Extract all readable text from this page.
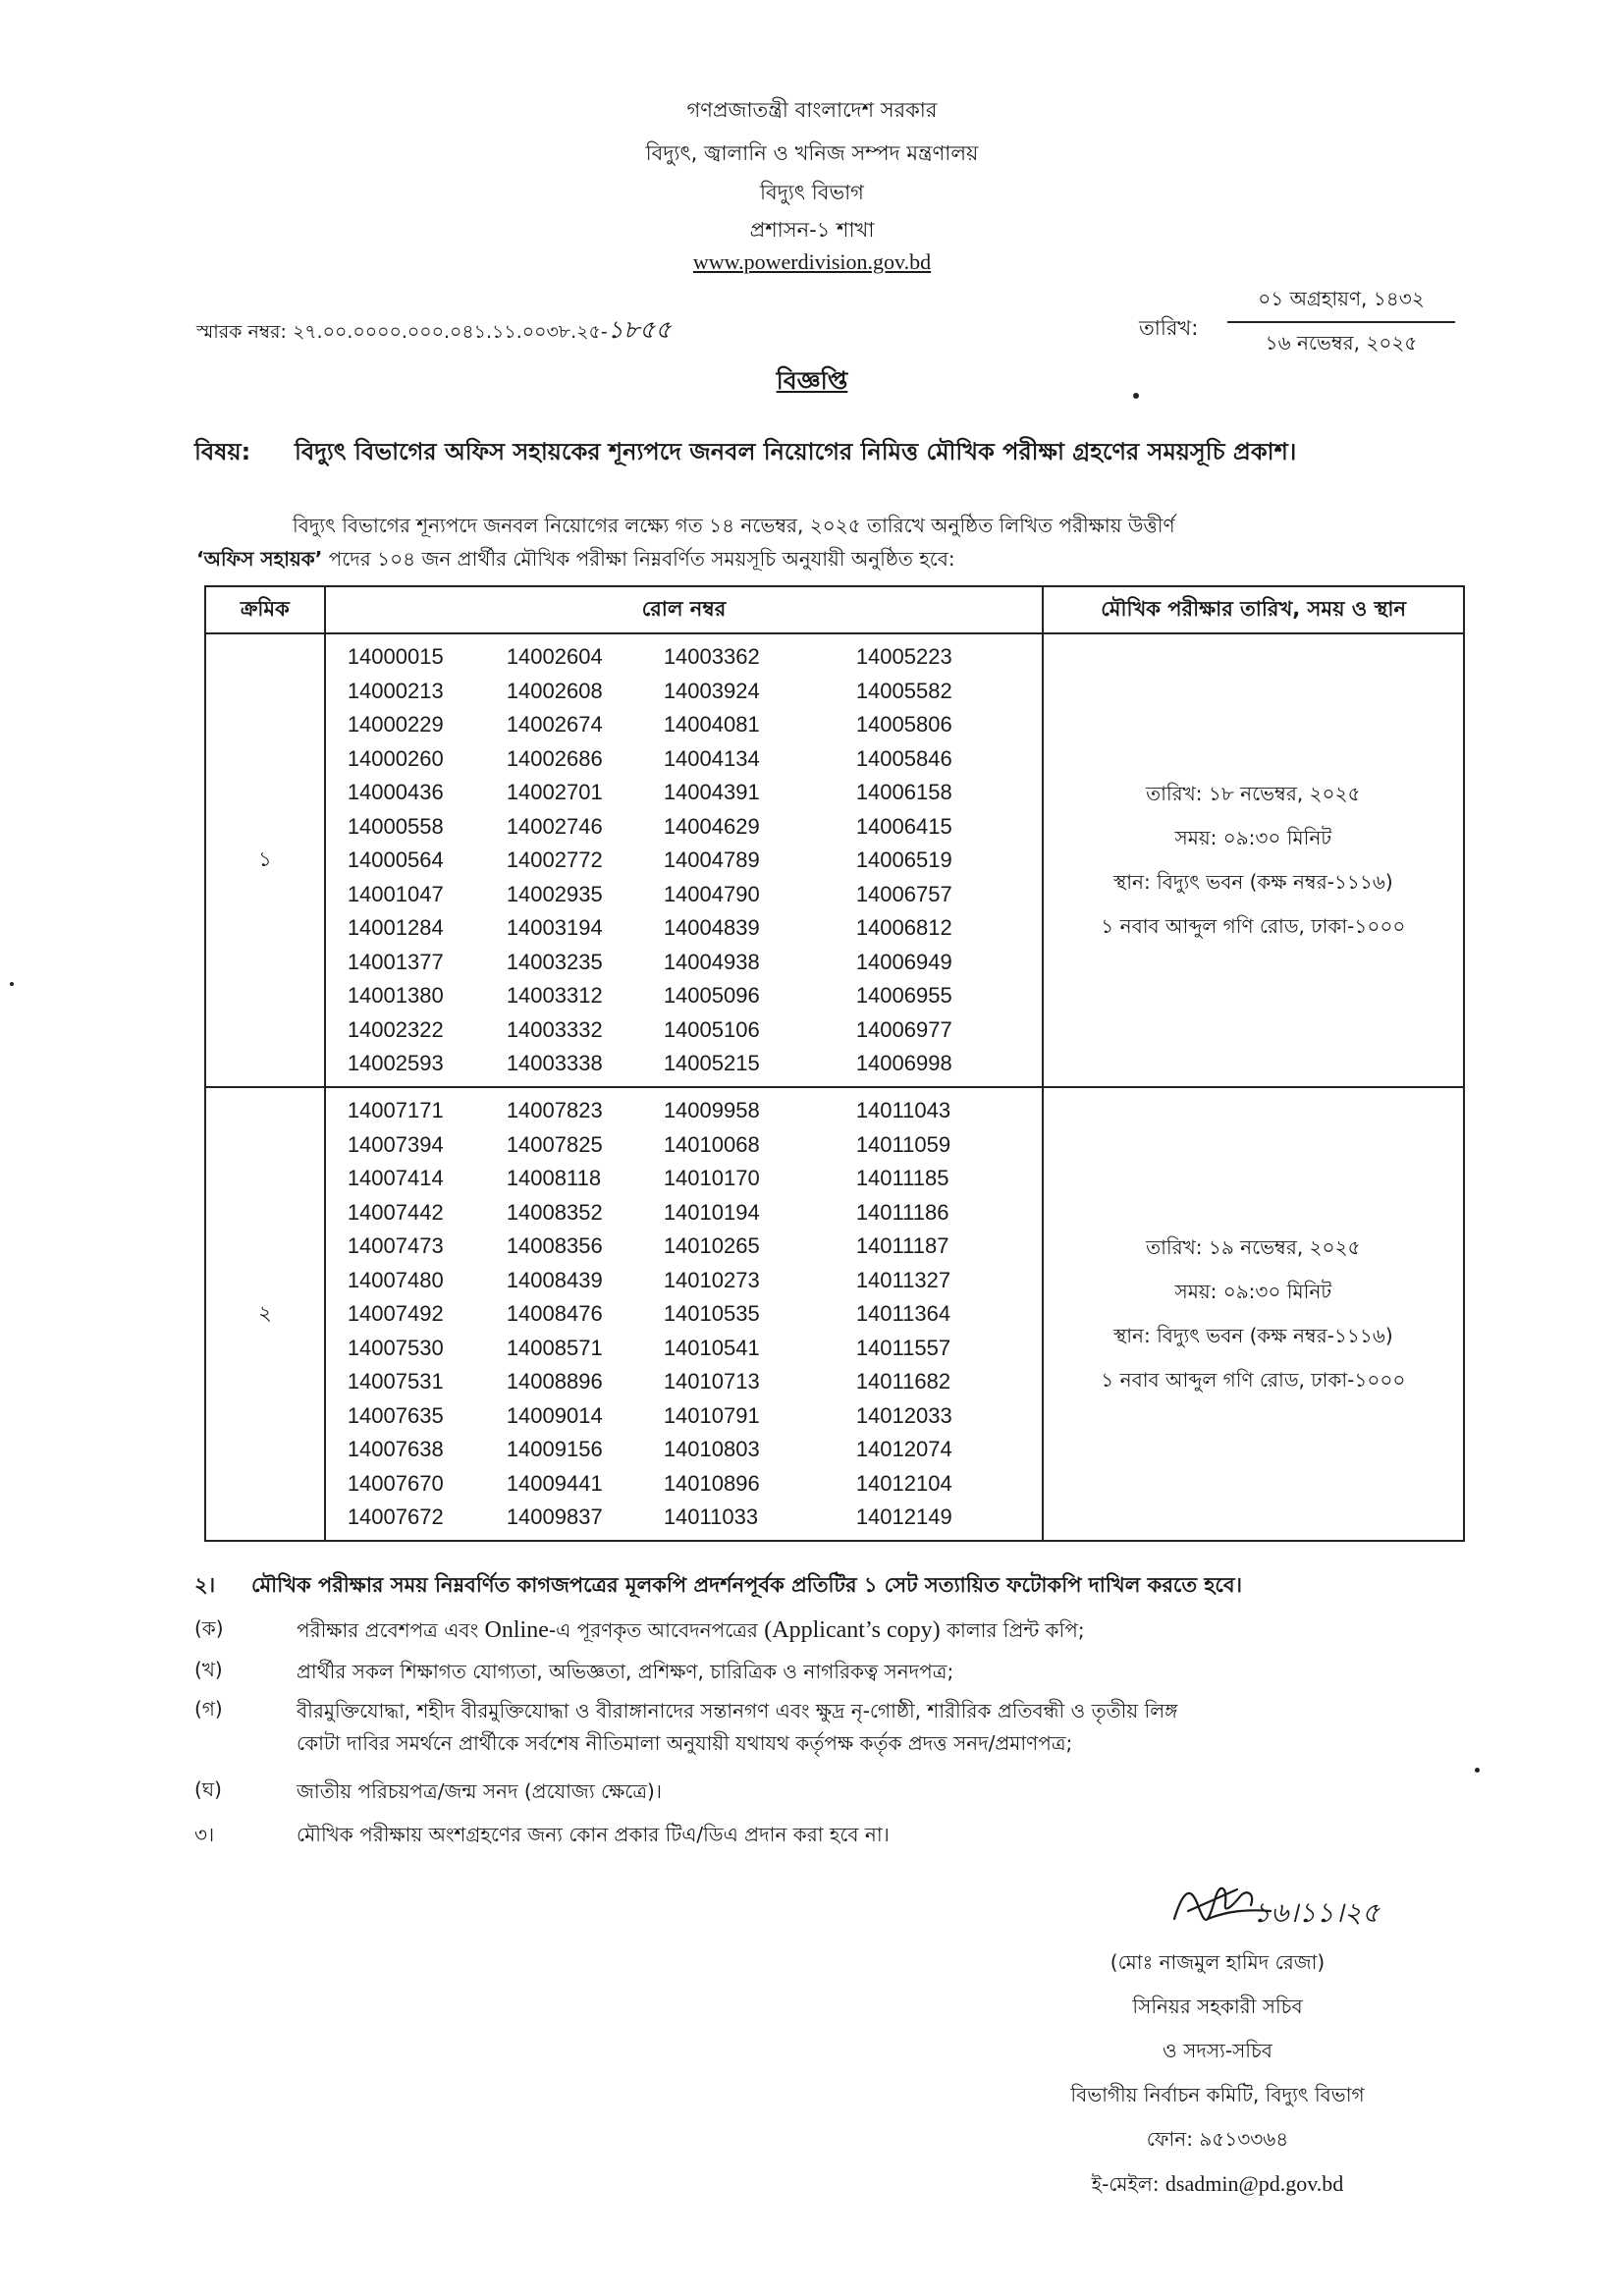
গণপ্রজাতন্ত্রী বাংলাদেশ সরকার
বিদ্যুৎ, জ্বালানি ও খনিজ সম্পদ মন্ত্রণালয়
বিদ্যুৎ বিভাগ
প্রশাসন-১ শাখা
www.powerdivision.gov.bd
স্মারক নম্বর: ২৭.০০.০০০০.০০০.০৪১.১১.০০৩৮.২৫-১৮৫৫	তারিখ:
০১ অগ্রহায়ণ, ১৪৩২
১৬ নভেম্বর, ২০২৫
বিজ্ঞপ্তি
বিষয়: বিদ্যুৎ বিভাগের অফিস সহায়কের শূন্যপদে জনবল নিয়োগের নিমিত্ত মৌখিক পরীক্ষা গ্রহণের সময়সূচি প্রকাশ।
বিদ্যুৎ বিভাগের শূন্যপদে জনবল নিয়োগের লক্ষ্যে গত ১৪ নভেম্বর, ২০২৫ তারিখে অনুষ্ঠিত লিখিত পরীক্ষায় উত্তীর্ণ
‘অফিস সহায়ক’ পদের ১০৪ জন প্রার্থীর মৌখিক পরীক্ষা নিম্নবর্ণিত সময়সূচি অনুযায়ী অনুষ্ঠিত হবে:
ক্রমিক	রোল নম্বর	মৌখিক পরীক্ষার তারিখ, সময় ও স্থান
১
14000015	14002604	14003362	14005223
14000213	14002608	14003924	14005582
14000229	14002674	14004081	14005806
14000260	14002686	14004134	14005846
14000436	14002701	14004391	14006158
14000558	14002746	14004629	14006415
14000564	14002772	14004789	14006519
14001047	14002935	14004790	14006757
14001284	14003194	14004839	14006812
14001377	14003235	14004938	14006949
14001380	14003312	14005096	14006955
14002322	14003332	14005106	14006977
14002593	14003338	14005215	14006998
তারিখ: ১৮ নভেম্বর, ২০২৫
সময়: ০৯:৩০ মিনিট
স্থান: বিদ্যুৎ ভবন (কক্ষ নম্বর-১১১৬)
১ নবাব আব্দুল গণি রোড, ঢাকা-১০০০
২
14007171	14007823	14009958	14011043
14007394	14007825	14010068	14011059
14007414	14008118	14010170	14011185
14007442	14008352	14010194	14011186
14007473	14008356	14010265	14011187
14007480	14008439	14010273	14011327
14007492	14008476	14010535	14011364
14007530	14008571	14010541	14011557
14007531	14008896	14010713	14011682
14007635	14009014	14010791	14012033
14007638	14009156	14010803	14012074
14007670	14009441	14010896	14012104
14007672	14009837	14011033	14012149
তারিখ: ১৯ নভেম্বর, ২০২৫
সময়: ০৯:৩০ মিনিট
স্থান: বিদ্যুৎ ভবন (কক্ষ নম্বর-১১১৬)
১ নবাব আব্দুল গণি রোড, ঢাকা-১০০০
২। মৌখিক পরীক্ষার সময় নিম্নবর্ণিত কাগজপত্রের মূলকপি প্রদর্শনপূর্বক প্রতিটির ১ সেট সত্যায়িত ফটোকপি দাখিল করতে হবে।
(ক)	পরীক্ষার প্রবেশপত্র এবং Online-এ পূরণকৃত আবেদনপত্রের (Applicant’s copy) কালার প্রিন্ট কপি;
(খ)	প্রার্থীর সকল শিক্ষাগত যোগ্যতা, অভিজ্ঞতা, প্রশিক্ষণ, চারিত্রিক ও নাগরিকত্ব সনদপত্র;
(গ)	বীরমুক্তিযোদ্ধা, শহীদ বীরমুক্তিযোদ্ধা ও বীরাঙ্গানাদের সন্তানগণ এবং ক্ষুদ্র নৃ-গোষ্ঠী, শারীরিক প্রতিবন্ধী ও তৃতীয় লিঙ্গ
কোটা দাবির সমর্থনে প্রার্থীকে সর্বশেষ নীতিমালা অনুযায়ী যথাযথ কর্তৃপক্ষ কর্তৃক প্রদত্ত সনদ/প্রমাণপত্র;
(ঘ)	জাতীয় পরিচয়পত্র/জন্ম সনদ (প্রযোজ্য ক্ষেত্রে)।
৩।	মৌখিক পরীক্ষায় অংশগ্রহণের জন্য কোন প্রকার টিএ/ডিএ প্রদান করা হবে না।
১৬।১১।২৫
(মোঃ নাজমুল হামিদ রেজা)
সিনিয়র সহকারী সচিব
ও সদস্য-সচিব
বিভাগীয় নির্বাচন কমিটি, বিদ্যুৎ বিভাগ
ফোন: ৯৫১৩৩৬৪
ই-মেইল: dsadmin@pd.gov.bd
